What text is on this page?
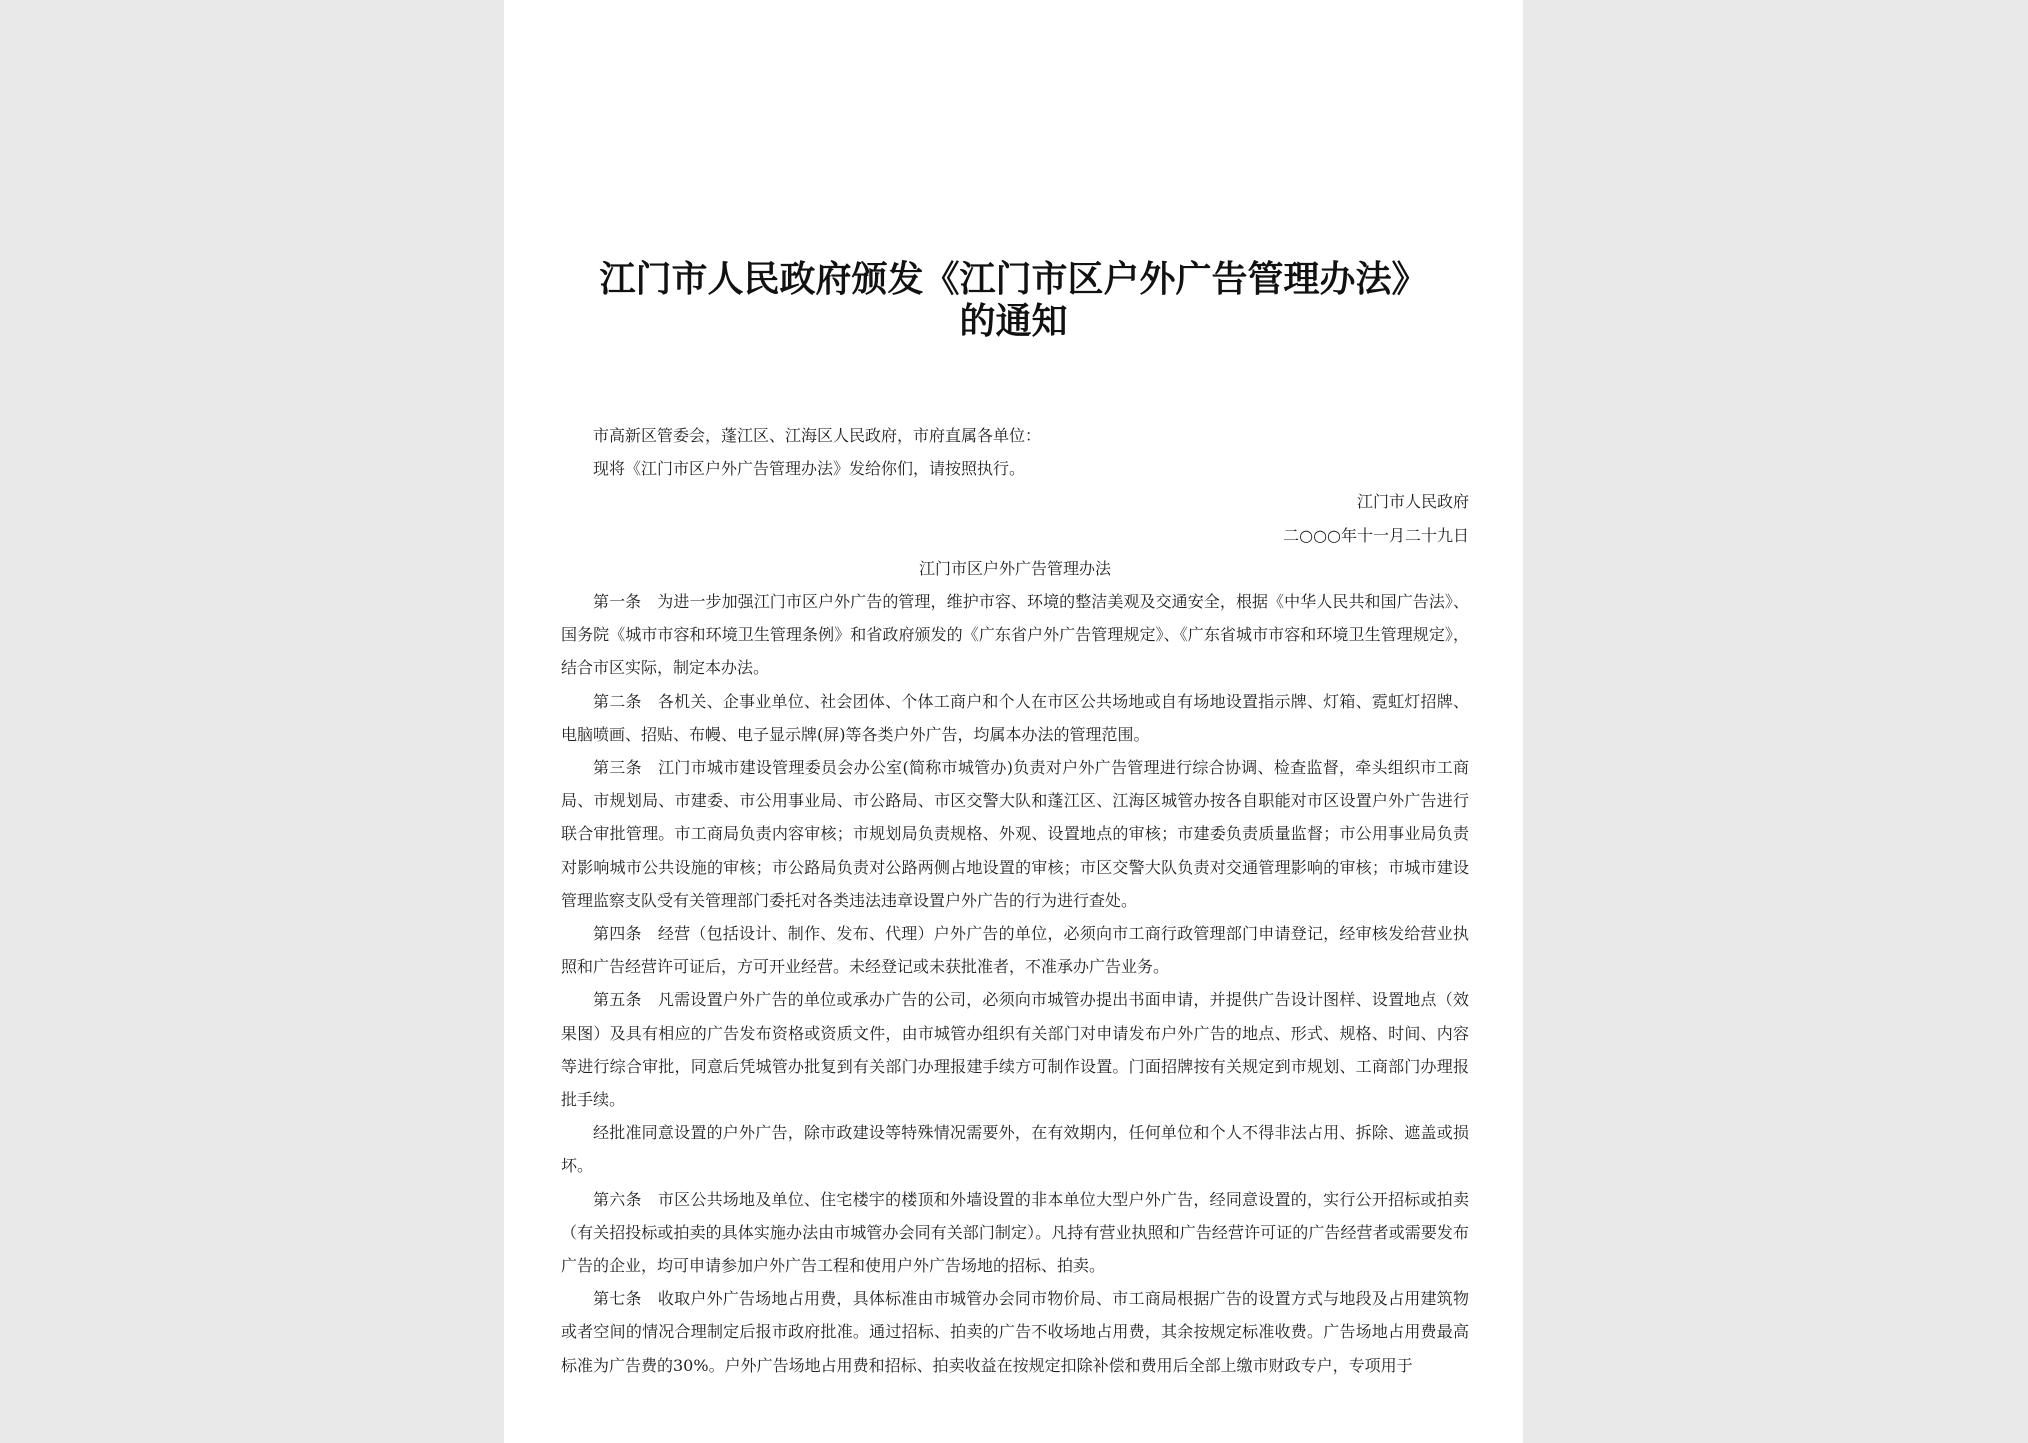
江门市人民政府颁发《江门市区户外广告管理办法》
的通知

市高新区管委会，蓬江区、江海区人民政府，市府直属各单位：

现将《江门市区户外广告管理办法》发给你们，请按照执行。

江门市人民政府

二○○○年十一月二十九日

江门市区户外广告管理办法

第一条　为进一步加强江门市区户外广告的管理，维护市容、环境的整洁美观及交通安全，根据《中华人民共和国广告法》、国务院《城市市容和环境卫生管理条例》和省政府颁发的《广东省户外广告管理规定》、《广东省城市市容和环境卫生管理规定》，结合市区实际，制定本办法。

第二条　各机关、企事业单位、社会团体、个体工商户和个人在市区公共场地或自有场地设置指示牌、灯箱、霓虹灯招牌、电脑喷画、招贴、布幔、电子显示牌(屏)等各类户外广告，均属本办法的管理范围。

第三条　江门市城市建设管理委员会办公室(简称市城管办)负责对户外广告管理进行综合协调、检查监督，牵头组织市工商局、市规划局、市建委、市公用事业局、市公路局、市区交警大队和蓬江区、江海区城管办按各自职能对市区设置户外广告进行联合审批管理。市工商局负责内容审核；市规划局负责规格、外观、设置地点的审核；市建委负责质量监督；市公用事业局负责对影响城市公共设施的审核；市公路局负责对公路两侧占地设置的审核；市区交警大队负责对交通管理影响的审核；市城市建设管理监察支队受有关管理部门委托对各类违法违章设置户外广告的行为进行查处。

第四条　经营（包括设计、制作、发布、代理）户外广告的单位，必须向市工商行政管理部门申请登记，经审核发给营业执照和广告经营许可证后，方可开业经营。未经登记或未获批准者，不准承办广告业务。

第五条　凡需设置户外广告的单位或承办广告的公司，必须向市城管办提出书面申请，并提供广告设计图样、设置地点（效果图）及具有相应的广告发布资格或资质文件，由市城管办组织有关部门对申请发布户外广告的地点、形式、规格、时间、内容等进行综合审批，同意后凭城管办批复到有关部门办理报建手续方可制作设置。门面招牌按有关规定到市规划、工商部门办理报批手续。

经批准同意设置的户外广告，除市政建设等特殊情况需要外，在有效期内，任何单位和个人不得非法占用、拆除、遮盖或损坏。

第六条　市区公共场地及单位、住宅楼宇的楼顶和外墙设置的非本单位大型户外广告，经同意设置的，实行公开招标或拍卖（有关招投标或拍卖的具体实施办法由市城管办会同有关部门制定）。凡持有营业执照和广告经营许可证的广告经营者或需要发布广告的企业，均可申请参加户外广告工程和使用户外广告场地的招标、拍卖。

第七条　收取户外广告场地占用费，具体标准由市城管办会同市物价局、市工商局根据广告的设置方式与地段及占用建筑物或者空间的情况合理制定后报市政府批准。通过招标、拍卖的广告不收场地占用费，其余按规定标准收费。广告场地占用费最高标准为广告费的30%。户外广告场地占用费和招标、拍卖收益在按规定扣除补偿和费用后全部上缴市财政专户，专项用于
